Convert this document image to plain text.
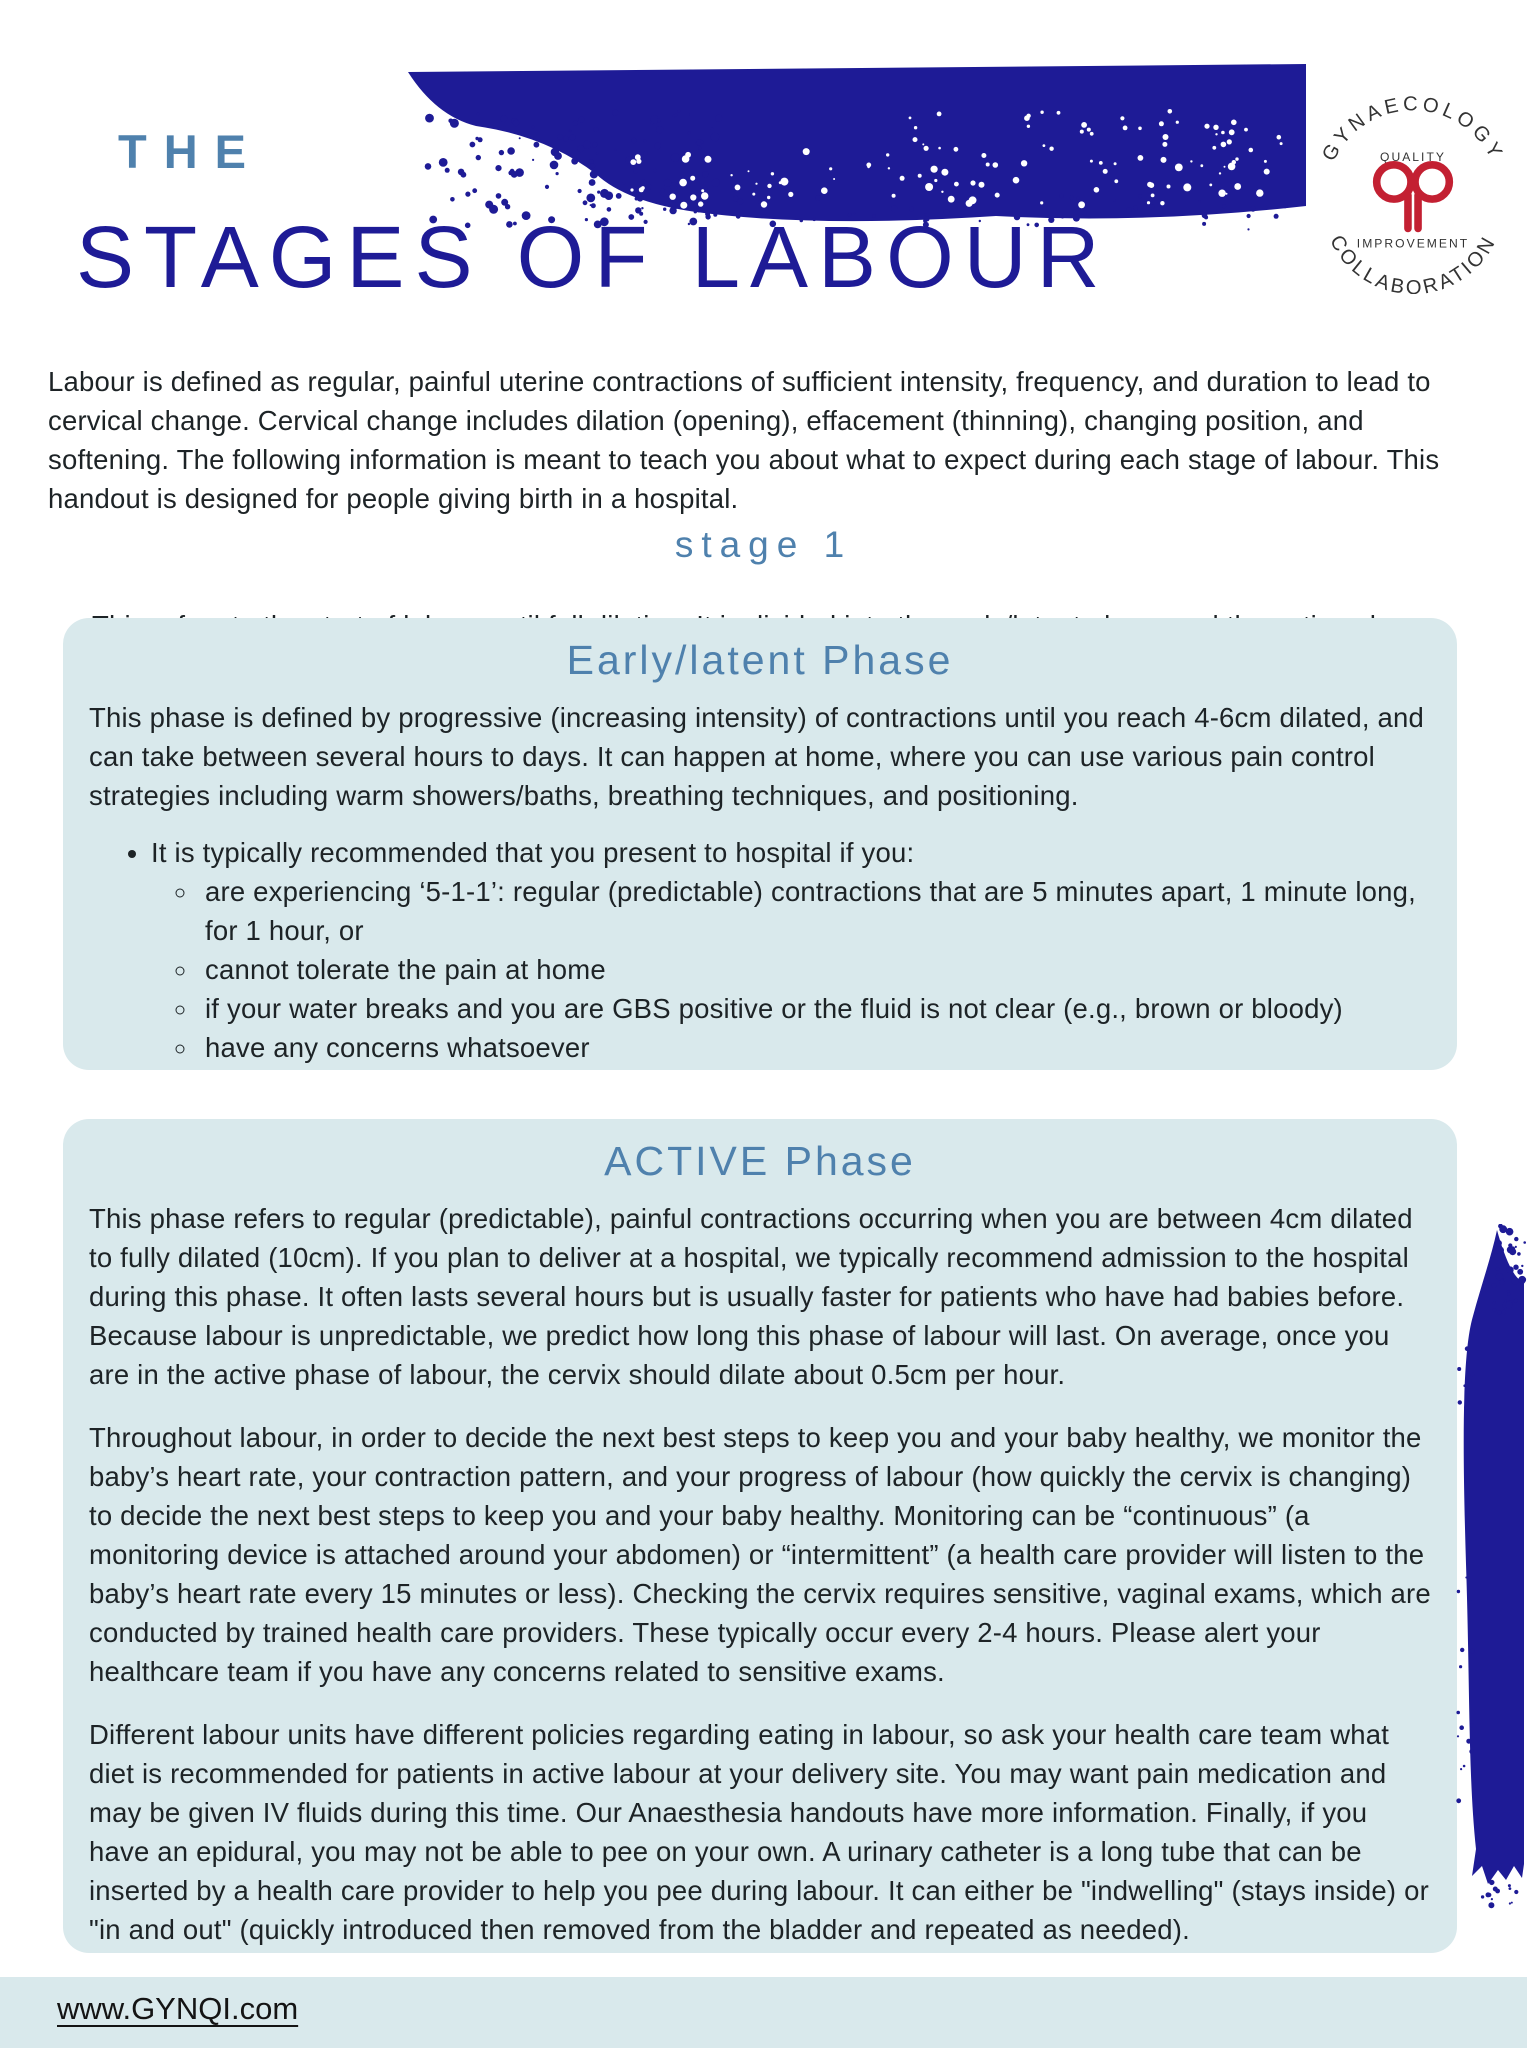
THE	GYNAECOLOGY
COLLABORATION
QUALITY
IMPROVEMENT
STAGES OF LABOUR

Labour is defined as regular, painful uterine contractions of sufficient intensity, frequency, and duration to lead to cervical change. Cervical change includes dilation (opening), effacement (thinning), changing position, and softening. The following information is meant to teach you about what to expect during each stage of labour. This handout is designed for people giving birth in a hospital.

stage 1

Early/latent Phase

This phase is defined by progressive (increasing intensity) of contractions until you reach 4-6cm dilated, and can take between several hours to days. It can happen at home, where you can use various pain control strategies including warm showers/baths, breathing techniques, and positioning.

• It is typically recommended that you present to hospital if you:
◦ are experiencing ‘5-1-1’: regular (predictable) contractions that are 5 minutes apart, 1 minute long, for 1 hour, or
◦ cannot tolerate the pain at home
◦ if your water breaks and you are GBS positive or the fluid is not clear (e.g., brown or bloody)
◦ have any concerns whatsoever
ACTIVE Phase

This phase refers to regular (predictable), painful contractions occurring when you are between 4cm dilated to fully dilated (10cm). If you plan to deliver at a hospital, we typically recommend admission to the hospital during this phase. It often lasts several hours but is usually faster for patients who have had babies before. Because labour is unpredictable, we predict how long this phase of labour will last. On average, once you are in the active phase of labour, the cervix should dilate about 0.5cm per hour.

Throughout labour, in order to decide the next best steps to keep you and your baby healthy, we monitor the baby’s heart rate, your contraction pattern, and your progress of labour (how quickly the cervix is changing) to decide the next best steps to keep you and your baby healthy. Monitoring can be “continuous” (a monitoring device is attached around your abdomen) or “intermittent” (a health care provider will listen to the baby’s heart rate every 15 minutes or less). Checking the cervix requires sensitive, vaginal exams, which are conducted by trained health care providers. These typically occur every 2-4 hours. Please alert your healthcare team if you have any concerns related to sensitive exams.

Different labour units have different policies regarding eating in labour, so ask your health care team what diet is recommended for patients in active labour at your delivery site. You may want pain medication and may be given IV fluids during this time. Our Anaesthesia handouts have more information. Finally, if you have an epidural, you may not be able to pee on your own. A urinary catheter is a long tube that can be inserted by a health care provider to help you pee during labour. It can either be "indwelling" (stays inside) or "in and out" (quickly introduced then removed from the bladder and repeated as needed).

www.GYNQI.com
